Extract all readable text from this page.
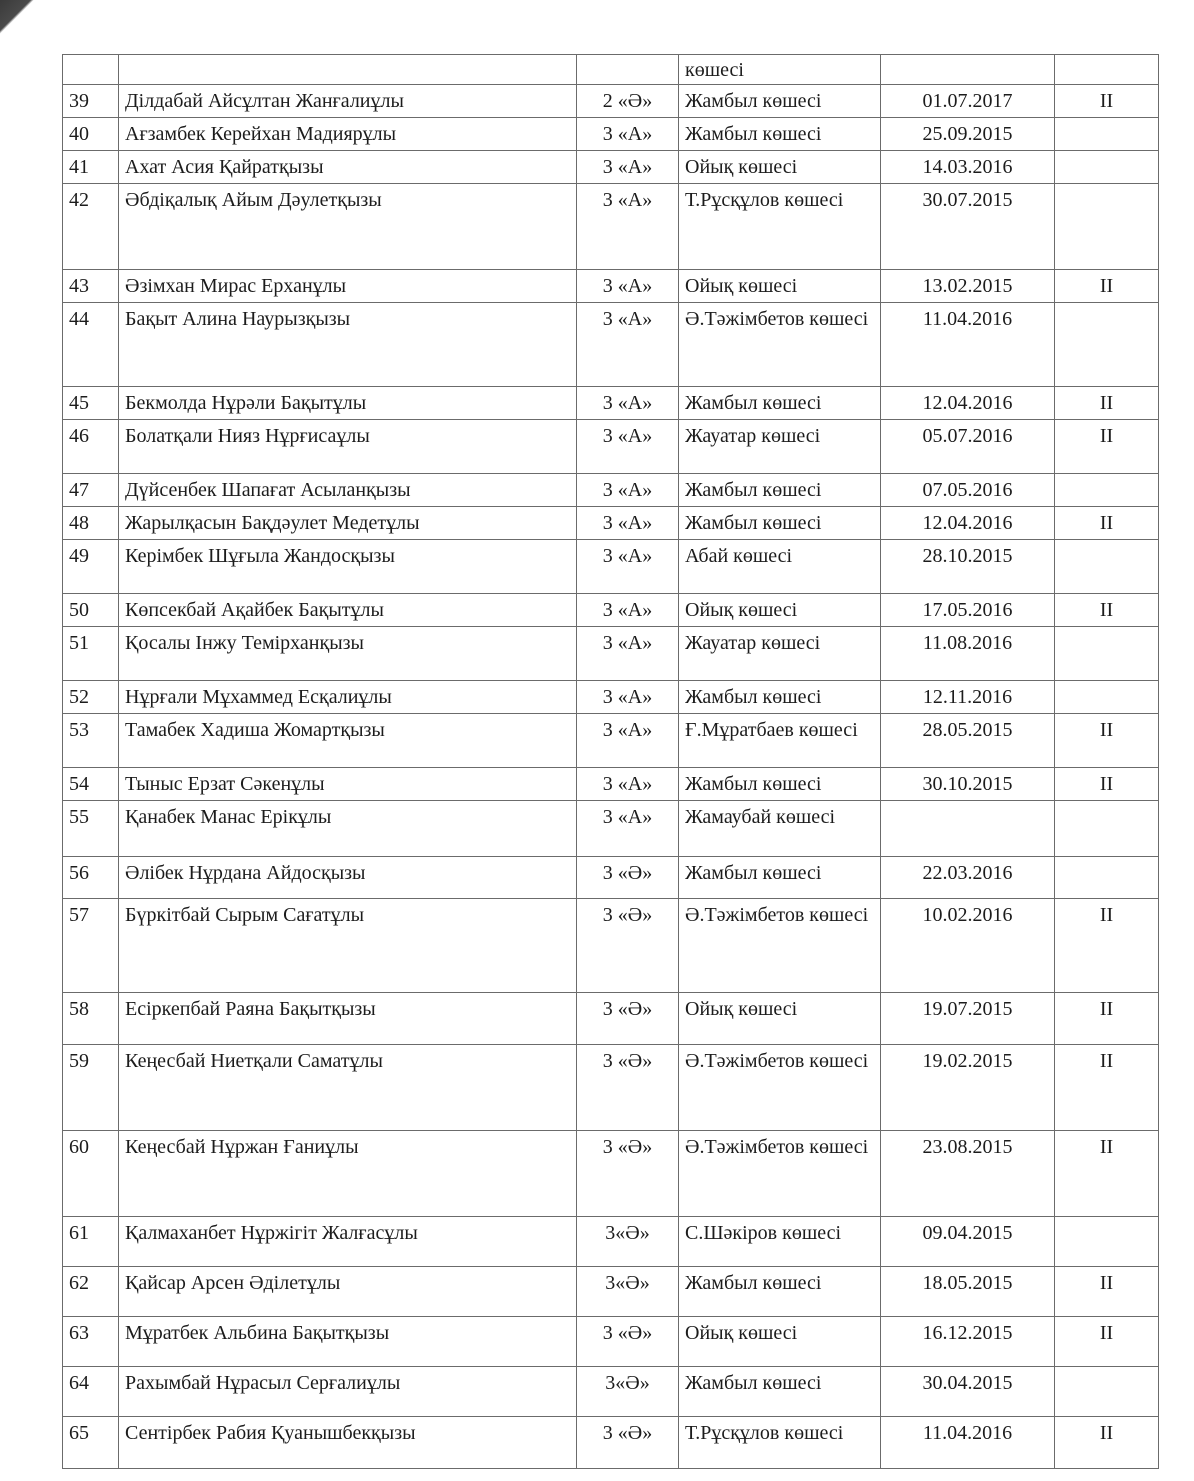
			көшесі		
39	Ділдабай Айсұлтан Жанғалиұлы	2 «Ә»	Жамбыл көшесі	01.07.2017	II
40	Ағзамбек Керейхан Мадиярұлы	3 «А»	Жамбыл көшесі	25.09.2015	
41	Ахат Асия Қайратқызы	3 «А»	Ойық көшесі	14.03.2016	
42	Әбдіқалық Айым Дәулетқызы	3 «А»	Т.Рұсқұлов көшесі	30.07.2015	
43	Әзімхан Мирас Ерханұлы	3 «А»	Ойық көшесі	13.02.2015	II
44	Бақыт Алина Наурызқызы	3 «А»	Ә.Тәжімбетов көшесі	11.04.2016	
45	Бекмолда Нұрәли Бақытұлы	3 «А»	Жамбыл көшесі	12.04.2016	II
46	Болатқали Нияз Нұрғисаұлы	3 «А»	Жауатар көшесі	05.07.2016	II
47	Дүйсенбек Шапағат Асыланқызы	3 «А»	Жамбыл көшесі	07.05.2016	
48	Жарылқасын Бақдәулет Медетұлы	3 «А»	Жамбыл көшесі	12.04.2016	II
49	Керімбек Шұғыла Жандосқызы	3 «А»	Абай көшесі	28.10.2015	
50	Көпсекбай Ақайбек Бақытұлы	3 «А»	Ойық көшесі	17.05.2016	II
51	Қосалы Інжу Темірханқызы	3 «А»	Жауатар көшесі	11.08.2016	
52	Нұрғали Мұхаммед Есқалиұлы	3 «А»	Жамбыл көшесі	12.11.2016	
53	Тамабек Хадиша Жомартқызы	3 «А»	Ғ.Мұратбаев көшесі	28.05.2015	II
54	Тыныс Ерзат Сәкенұлы	3 «А»	Жамбыл көшесі	30.10.2015	II
55	Қанабек Манас Ерікұлы	3 «А»	Жамаубай көшесі		
56	Әлібек Нұрдана Айдосқызы	3 «Ә»	Жамбыл көшесі	22.03.2016	
57	Бүркітбай Сырым Сағатұлы	3 «Ә»	Ә.Тәжімбетов көшесі	10.02.2016	II
58	Есіркепбай Раяна Бақытқызы	3 «Ә»	Ойық көшесі	19.07.2015	II
59	Кеңесбай Ниетқали Саматұлы	3 «Ә»	Ә.Тәжімбетов көшесі	19.02.2015	II
60	Кеңесбай Нұржан Ғаниұлы	3 «Ә»	Ә.Тәжімбетов көшесі	23.08.2015	II
61	Қалмаханбет Нұржігіт Жалғасұлы	3«Ә»	С.Шәкіров көшесі	09.04.2015	
62	Қайсар Арсен Әділетұлы	3«Ә»	Жамбыл көшесі	18.05.2015	II
63	Мұратбек Альбина Бақытқызы	3 «Ә»	Ойық көшесі	16.12.2015	II
64	Рахымбай Нұрасыл Серғалиұлы	3«Ә»	Жамбыл көшесі	30.04.2015	
65	Сентірбек Рабия Қуанышбекқызы	3 «Ә»	Т.Рұсқұлов көшесі	11.04.2016	II
